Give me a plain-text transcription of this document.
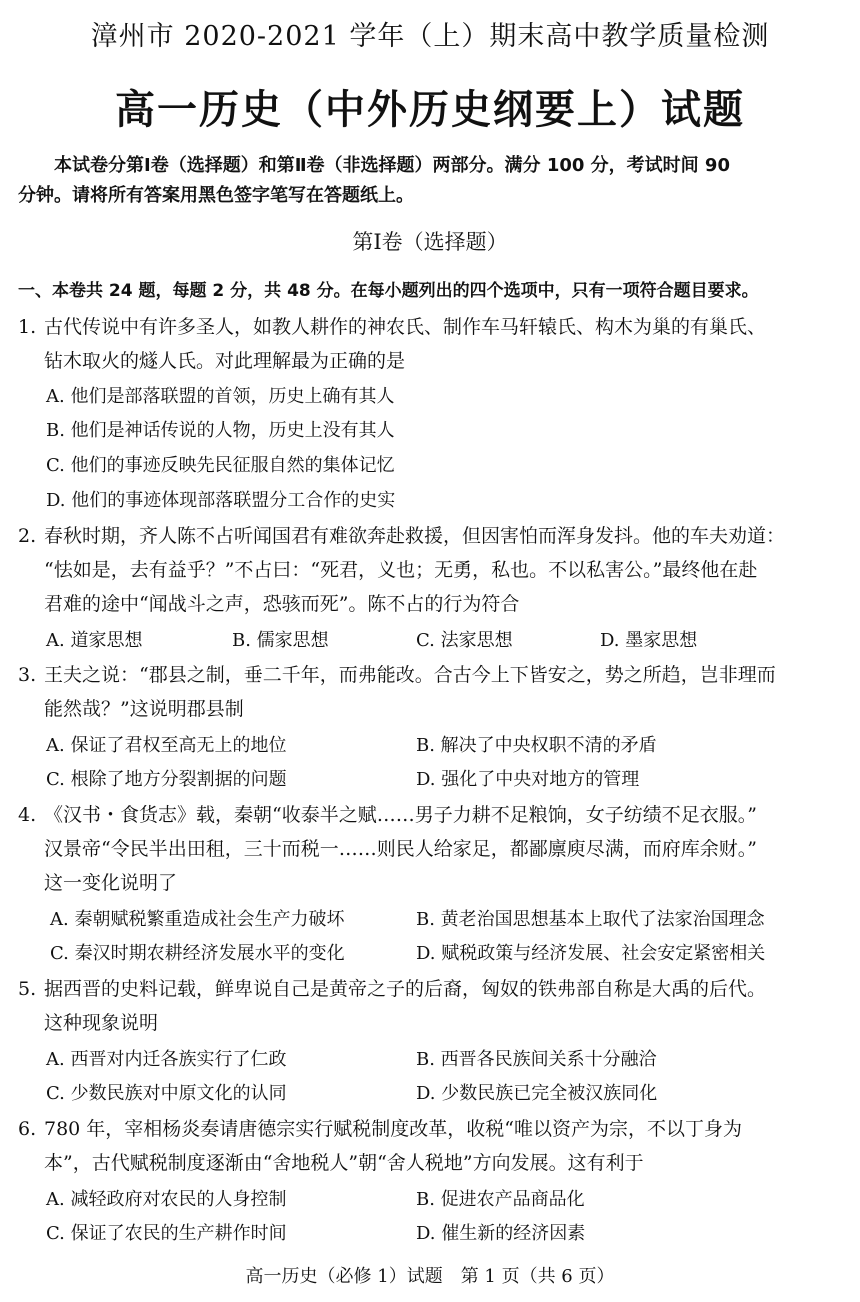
漳州市 2020-2021 学年（上）期末高中教学质量检测
高一历史（中外历史纲要上）试题
本试卷分第Ⅰ卷（选择题）和第Ⅱ卷（非选择题）两部分。满分 100 分，考试时间 90
分钟。请将所有答案用黑色签字笔写在答题纸上。
第Ⅰ卷（选择题）
一、本卷共 24 题，每题 2 分，共 48 分。在每小题列出的四个选项中，只有一项符合题目要求。
1. 古代传说中有许多圣人，如教人耕作的神农氏、制作车马轩辕氏、构木为巢的有巢氏、
钻木取火的燧人氏。对此理解最为正确的是
A. 他们是部落联盟的首领，历史上确有其人
B. 他们是神话传说的人物，历史上没有其人
C. 他们的事迹反映先民征服自然的集体记忆
D. 他们的事迹体现部落联盟分工合作的史实
2. 春秋时期，齐人陈不占听闻国君有难欲奔赴救援，但因害怕而浑身发抖。他的车夫劝道：
“怯如是，去有益乎？”不占曰：“死君，义也；无勇，私也。不以私害公。”最终他在赴
君难的途中“闻战斗之声，恐骇而死”。陈不占的行为符合
A. 道家思想	B. 儒家思想	C. 法家思想	D. 墨家思想
3. 王夫之说：“郡县之制，垂二千年，而弗能改。合古今上下皆安之，势之所趋，岂非理而
能然哉？”这说明郡县制
A. 保证了君权至高无上的地位	B. 解决了中央权职不清的矛盾
C. 根除了地方分裂割据的问题	D. 强化了中央对地方的管理
4. 《汉书・食货志》载，秦朝“收泰半之赋……男子力耕不足粮饷，女子纺绩不足衣服。”
汉景帝“令民半出田租，三十而税一……则民人给家足，都鄙廪庾尽满，而府库余财。”
这一变化说明了
A. 秦朝赋税繁重造成社会生产力破坏	B. 黄老治国思想基本上取代了法家治国理念
C. 秦汉时期农耕经济发展水平的变化	D. 赋税政策与经济发展、社会安定紧密相关
5. 据西晋的史料记载，鲜卑说自己是黄帝之子的后裔，匈奴的铁弗部自称是大禹的后代。
这种现象说明
A. 西晋对内迁各族实行了仁政	B. 西晋各民族间关系十分融洽
C. 少数民族对中原文化的认同	D. 少数民族已完全被汉族同化
6. 780 年，宰相杨炎奏请唐德宗实行赋税制度改革，收税“唯以资产为宗，不以丁身为
本”，古代赋税制度逐渐由“舍地税人”朝“舍人税地”方向发展。这有利于
A. 减轻政府对农民的人身控制	B. 促进农产品商品化
C. 保证了农民的生产耕作时间	D. 催生新的经济因素
高一历史（必修 1）试题　第 1 页（共 6 页）
